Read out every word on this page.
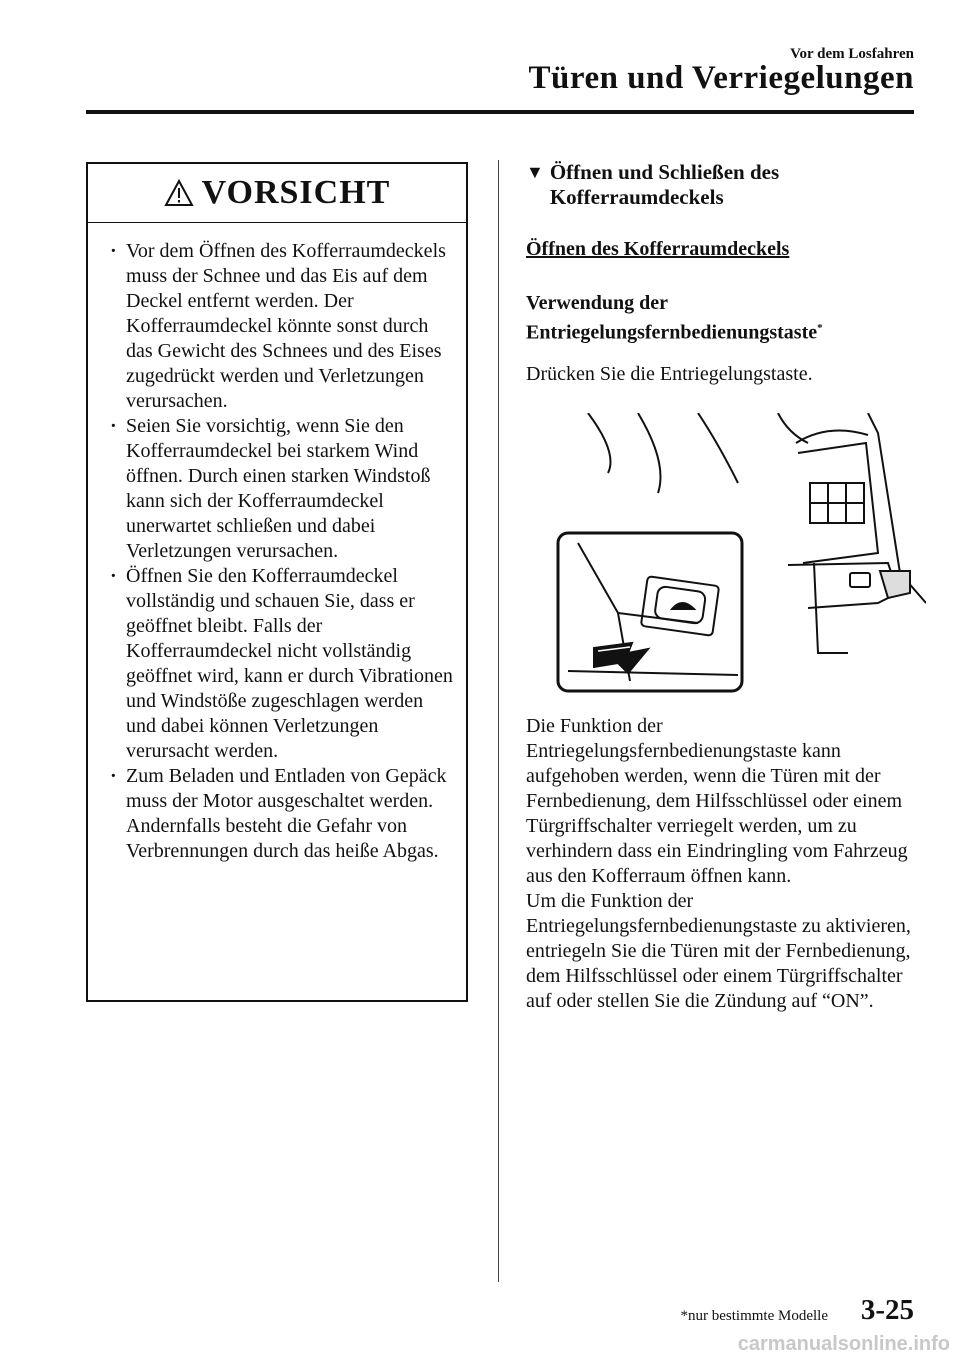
Vor dem Losfahren
Türen und Verriegelungen
VORSICHT
· Vor dem Öffnen des Kofferraumdeckels muss der Schnee und das Eis auf dem Deckel entfernt werden. Der Kofferraumdeckel könnte sonst durch das Gewicht des Schnees und des Eises zugedrückt werden und Verletzungen verursachen.
· Seien Sie vorsichtig, wenn Sie den Kofferraumdeckel bei starkem Wind öffnen. Durch einen starken Windstoß kann sich der Kofferraumdeckel unerwartet schließen und dabei Verletzungen verursachen.
· Öffnen Sie den Kofferraumdeckel vollständig und schauen Sie, dass er geöffnet bleibt. Falls der Kofferraumdeckel nicht vollständig geöffnet wird, kann er durch Vibrationen und Windstöße zugeschlagen werden und dabei können Verletzungen verursacht werden.
· Zum Beladen und Entladen von Gepäck muss der Motor ausgeschaltet werden. Andernfalls besteht die Gefahr von Verbrennungen durch das heiße Abgas.
▼ Öffnen und Schließen des Kofferraumdeckels
Öffnen des Kofferraumdeckels
Verwendung der Entriegelungsfernbedienungstaste*
Drücken Sie die Entriegelungstaste.
Die Funktion der Entriegelungsfernbedienungstaste kann aufgehoben werden, wenn die Türen mit der Fernbedienung, dem Hilfsschlüssel oder einem Türgriffschalter verriegelt werden, um zu verhindern dass ein Eindringling vom Fahrzeug aus den Kofferraum öffnen kann.
Um die Funktion der Entriegelungsfernbedienungstaste zu aktivieren, entriegeln Sie die Türen mit der Fernbedienung, dem Hilfsschlüssel oder einem Türgriffschalter auf oder stellen Sie die Zündung auf “ON”.
*nur bestimmte Modelle 3-25
carmanualsonline.info
